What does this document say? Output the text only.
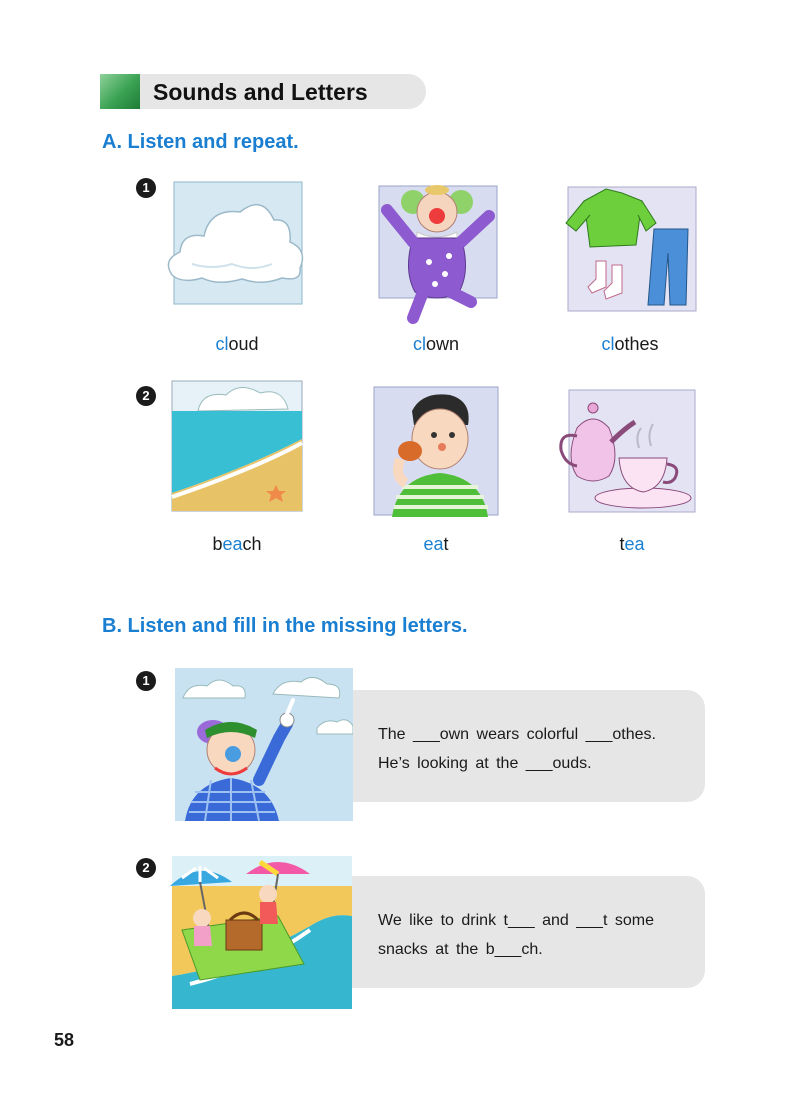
Sounds and Letters
A. Listen and repeat.
1
2
cloud	clown	clothes
beach	eat	tea
B. Listen and fill in the missing letters.
1
The ___own wears colorful ___othes.
He’s looking at the ___ouds.
2
We like to drink t___ and ___t some
snacks at the b___ch.
58
